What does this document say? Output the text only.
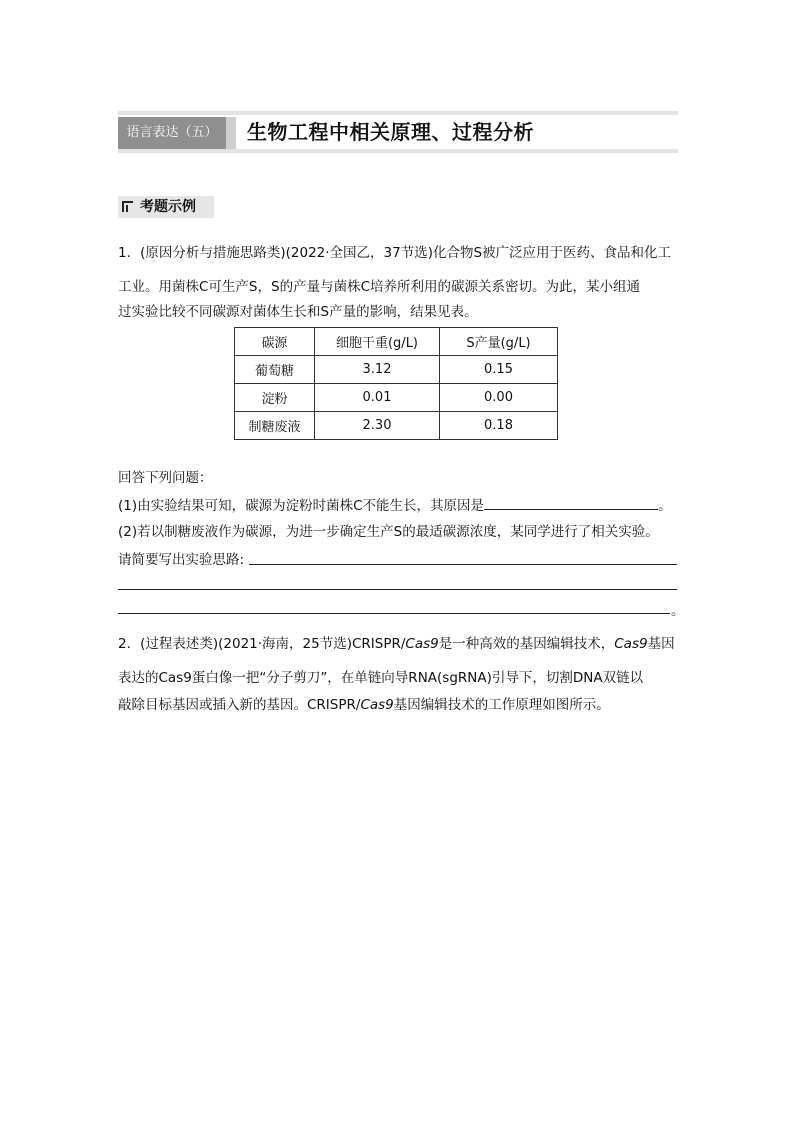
语言表达（五）	生物工程中相关原理、过程分析
考题示例
1．(原因分析与措施思路类)(2022·全国乙，37节选)化合物S被广泛应用于医药、食品和化工
工业。用菌株C可生产S，S的产量与菌株C培养所利用的碳源关系密切。为此，某小组通
过实验比较不同碳源对菌体生长和S产量的影响，结果见表。
碳源	细胞干重(g/L)	S产量(g/L)
葡萄糖	3.12	0.15
淀粉	0.01	0.00
制糖废液	2.30	0.18
回答下列问题：
(1)由实验结果可知，碳源为淀粉时菌株C不能生长，其原因是	。
(2)若以制糖废液作为碳源，为进一步确定生产S的最适碳源浓度，某同学进行了相关实验。
请简要写出实验思路:
。
2．(过程表述类)(2021·海南，25节选)CRISPR/Cas9是一种高效的基因编辑技术，Cas9基因
表达的Cas9蛋白像一把“分子剪刀”，在单链向导RNA(sgRNA)引导下，切割DNA双链以
敲除目标基因或插入新的基因。CRISPR/Cas9基因编辑技术的工作原理如图所示。
